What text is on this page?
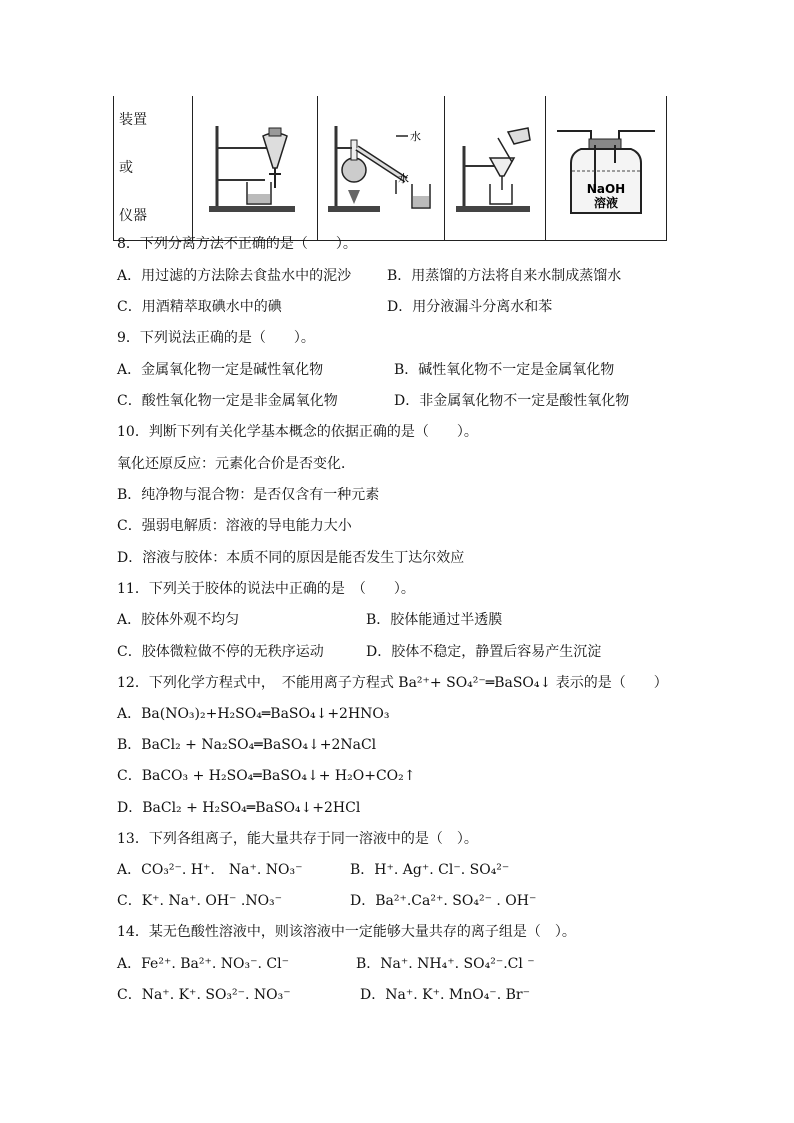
装置
或
仪器

水
水

NaOH
溶液
8．下列分离方法不正确的是（　　）。
A．用过滤的方法除去食盐水中的泥沙	B．用蒸馏的方法将自来水制成蒸馏水
C．用酒精萃取碘水中的碘	D．用分液漏斗分离水和苯
9．下列说法正确的是（　　）。
A．金属氧化物一定是碱性氧化物	B．碱性氧化物不一定是金属氧化物
C．酸性氧化物一定是非金属氧化物	D．非金属氧化物不一定是酸性氧化物
10．判断下列有关化学基本概念的依据正确的是（　　）。
氧化还原反应：元素化合价是否变化．
B．纯净物与混合物：是否仅含有一种元素
C．强弱电解质：溶液的导电能力大小
D．溶液与胶体：本质不同的原因是能否发生丁达尔效应
11．下列关于胶体的说法中正确的是　（　　）。
A．胶体外观不均匀	B．胶体能通过半透膜
C．胶体微粒做不停的无秩序运动	D．胶体不稳定，静置后容易产生沉淀
12．下列化学方程式中，　不能用离子方程式 Ba²⁺+ SO₄²⁻═BaSO₄↓ 表示的是（　　）
A．Ba(NO₃)₂+H₂SO₄═BaSO₄↓+2HNO₃
B．BaCl₂ + Na₂SO₄═BaSO₄↓+2NaCl
C．BaCO₃ + H₂SO₄═BaSO₄↓+ H₂O+CO₂↑
D．BaCl₂ + H₂SO₄═BaSO₄↓+2HCl
13．下列各组离子，能大量共存于同一溶液中的是（　）。
A．CO₃²⁻. H⁺.　Na⁺. NO₃⁻	B．H⁺. Ag⁺. Cl⁻. SO₄²⁻
C．K⁺. Na⁺. OH⁻ .NO₃⁻	D．Ba²⁺.Ca²⁺. SO₄²⁻ . OH⁻
14．某无色酸性溶液中，则该溶液中一定能够大量共存的离子组是（　）。
A．Fe²⁺. Ba²⁺. NO₃⁻. Cl⁻	B．Na⁺. NH₄⁺. SO₄²⁻.Cl ⁻
C．Na⁺. K⁺. SO₃²⁻. NO₃⁻	D．Na⁺. K⁺. MnO₄⁻. Br⁻
